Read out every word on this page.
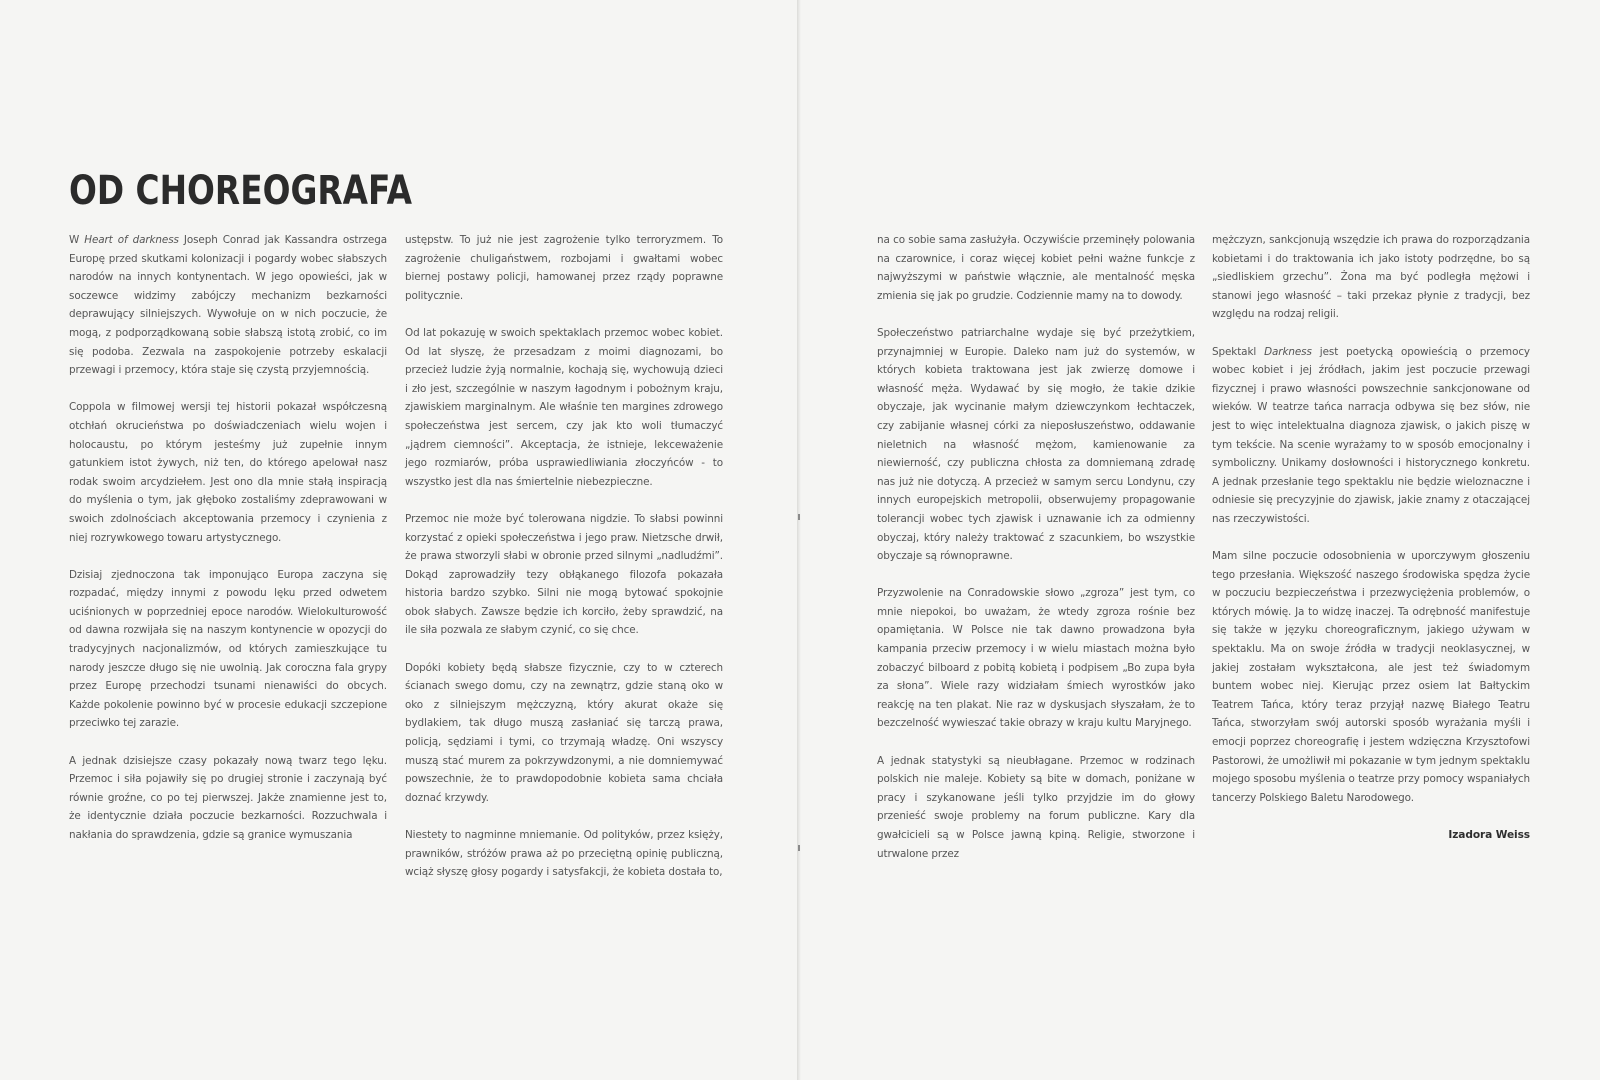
OD CHOREOGRAFA

W Heart of darkness Joseph Conrad jak Kassandra ostrzega Europę przed skutkami kolonizacji i pogardy wobec słabszych narodów na innych kontynentach. W jego opowieści, jak w soczewce widzimy zabójczy mechanizm bezkarności deprawujący silniejszych. Wywołuje on w nich poczucie, że mogą, z podporządkowaną sobie słabszą istotą zrobić, co im się podoba. Zezwala na zaspokojenie potrzeby eskalacji przewagi i przemocy, która staje się czystą przyjemnością.

Coppola w filmowej wersji tej historii pokazał współczesną otchłań okrucieństwa po doświadczeniach wielu wojen i holocaustu, po którym jesteśmy już zupełnie innym gatunkiem istot żywych, niż ten, do którego apelował nasz rodak swoim arcydziełem. Jest ono dla mnie stałą inspiracją do myślenia o tym, jak głęboko zostaliśmy zdeprawowani w swoich zdolnościach akceptowania przemocy i czynienia z niej rozrywkowego towaru artystycznego.

Dzisiaj zjednoczona tak imponująco Europa zaczyna się rozpadać, między innymi z powodu lęku przed odwetem uciśnionych w poprzedniej epoce narodów. Wielokulturowość od dawna rozwijała się na naszym kontynencie w opozycji do tradycyjnych nacjonalizmów, od których zamieszkujące tu narody jeszcze długo się nie uwolnią. Jak coroczna fala grypy przez Europę przechodzi tsunami nienawiści do obcych. Każde pokolenie powinno być w procesie edukacji szczepione przeciwko tej zarazie.

A jednak dzisiejsze czasy pokazały nową twarz tego lęku. Przemoc i siła pojawiły się po drugiej stronie i zaczynają być równie groźne, co po tej pierwszej. Jakże znamienne jest to, że identycznie działa poczucie bezkarności. Rozzuchwala i nakłania do sprawdzenia, gdzie są granice wymuszania

ustępstw. To już nie jest zagrożenie tylko terroryzmem. To zagrożenie chuligaństwem, rozbojami i gwałtami wobec biernej postawy policji, hamowanej przez rządy poprawne politycznie.

Od lat pokazuję w swoich spektaklach przemoc wobec kobiet. Od lat słyszę, że przesadzam z moimi diagnozami, bo przecież ludzie żyją normalnie, kochają się, wychowują dzieci i zło jest, szczególnie w naszym łagodnym i pobożnym kraju, zjawiskiem marginalnym. Ale właśnie ten margines zdrowego społeczeństwa jest sercem, czy jak kto woli tłumaczyć „jądrem ciemności”. Akceptacja, że istnieje, lekceważenie jego rozmiarów, próba usprawiedliwiania złoczyńców - to wszystko jest dla nas śmiertelnie niebezpieczne.

Przemoc nie może być tolerowana nigdzie. To słabsi powinni korzystać z opieki społeczeństwa i jego praw. Nietzsche drwił, że prawa stworzyli słabi w obronie przed silnymi „nadludźmi”. Dokąd zaprowadziły tezy obłąkanego filozofa pokazała historia bardzo szybko. Silni nie mogą bytować spokojnie obok słabych. Zawsze będzie ich korciło, żeby sprawdzić, na ile siła pozwala ze słabym czynić, co się chce.

Dopóki kobiety będą słabsze fizycznie, czy to w czterech ścianach swego domu, czy na zewnątrz, gdzie staną oko w oko z silniejszym mężczyzną, który akurat okaże się bydlakiem, tak długo muszą zasłaniać się tarczą prawa, policją, sędziami i tymi, co trzymają władzę. Oni wszyscy muszą stać murem za pokrzywdzonymi, a nie domniemywać powszechnie, że to prawdopodobnie kobieta sama chciała doznać krzywdy.

Niestety to nagminne mniemanie. Od polityków, przez księży, prawników, stróżów prawa aż po przeciętną opinię publiczną, wciąż słyszę głosy pogardy i satysfakcji, że kobieta dostała to,

na co sobie sama zasłużyła. Oczywiście przeminęły polowania na czarownice, i coraz więcej kobiet pełni ważne funkcje z najwyższymi w państwie włącznie, ale mentalność męska zmienia się jak po grudzie. Codziennie mamy na to dowody.

Społeczeństwo patriarchalne wydaje się być przeżytkiem, przynajmniej w Europie. Daleko nam już do systemów, w których kobieta traktowana jest jak zwierzę domowe i własność męża. Wydawać by się mogło, że takie dzikie obyczaje, jak wycinanie małym dziewczynkom łechtaczek, czy zabijanie własnej córki za nieposłuszeństwo, oddawanie nieletnich na własność mężom, kamienowanie za niewierność, czy publiczna chłosta za domniemaną zdradę nas już nie dotyczą. A przecież w samym sercu Londynu, czy innych europejskich metropolii, obserwujemy propagowanie tolerancji wobec tych zjawisk i uznawanie ich za odmienny obyczaj, który należy traktować z szacunkiem, bo wszystkie obyczaje są równoprawne.

Przyzwolenie na Conradowskie słowo „zgroza” jest tym, co mnie niepokoi, bo uważam, że wtedy zgroza rośnie bez opamiętania. W Polsce nie tak dawno prowadzona była kampania przeciw przemocy i w wielu miastach można było zobaczyć bilboard z pobitą kobietą i podpisem „Bo zupa była za słona”. Wiele razy widziałam śmiech wyrostków jako reakcję na ten plakat. Nie raz w dyskusjach słyszałam, że to bezczelność wywieszać takie obrazy w kraju kultu Maryjnego.

A jednak statystyki są nieubłagane. Przemoc w rodzinach polskich nie maleje. Kobiety są bite w domach, poniżane w pracy i szykanowane jeśli tylko przyjdzie im do głowy przenieść swoje problemy na forum publiczne. Kary dla gwałcicieli są w Polsce jawną kpiną. Religie, stworzone i utrwalone przez

mężczyzn, sankcjonują wszędzie ich prawa do rozporządzania kobietami i do traktowania ich jako istoty podrzędne, bo są „siedliskiem grzechu”. Żona ma być podległa mężowi i stanowi jego własność – taki przekaz płynie z tradycji, bez względu na rodzaj religii.

Spektakl Darkness jest poetycką opowieścią o przemocy wobec kobiet i jej źródłach, jakim jest poczucie przewagi fizycznej i prawo własności powszechnie sankcjonowane od wieków. W teatrze tańca narracja odbywa się bez słów, nie jest to więc intelektualna diagnoza zjawisk, o jakich piszę w tym tekście. Na scenie wyrażamy to w sposób emocjonalny i symboliczny. Unikamy dosłowności i historycznego konkretu. A jednak przesłanie tego spektaklu nie będzie wieloznaczne i odniesie się precyzyjnie do zjawisk, jakie znamy z otaczającej nas rzeczywistości.

Mam silne poczucie odosobnienia w uporczywym głoszeniu tego przesłania. Większość naszego środowiska spędza życie w poczuciu bezpieczeństwa i przezwyciężenia problemów, o których mówię. Ja to widzę inaczej. Ta odrębność manifestuje się także w języku choreograficznym, jakiego używam w spektaklu. Ma on swoje źródła w tradycji neoklasycznej, w jakiej zostałam wykształcona, ale jest też świadomym buntem wobec niej. Kierując przez osiem lat Bałtyckim Teatrem Tańca, który teraz przyjął nazwę Białego Teatru Tańca, stworzyłam swój autorski sposób wyrażania myśli i emocji poprzez choreografię i jestem wdzięczna Krzysztofowi Pastorowi, że umożliwił mi pokazanie w tym jednym spektaklu mojego sposobu myślenia o teatrze przy pomocy wspaniałych tancerzy Polskiego Baletu Narodowego.

Izadora Weiss
